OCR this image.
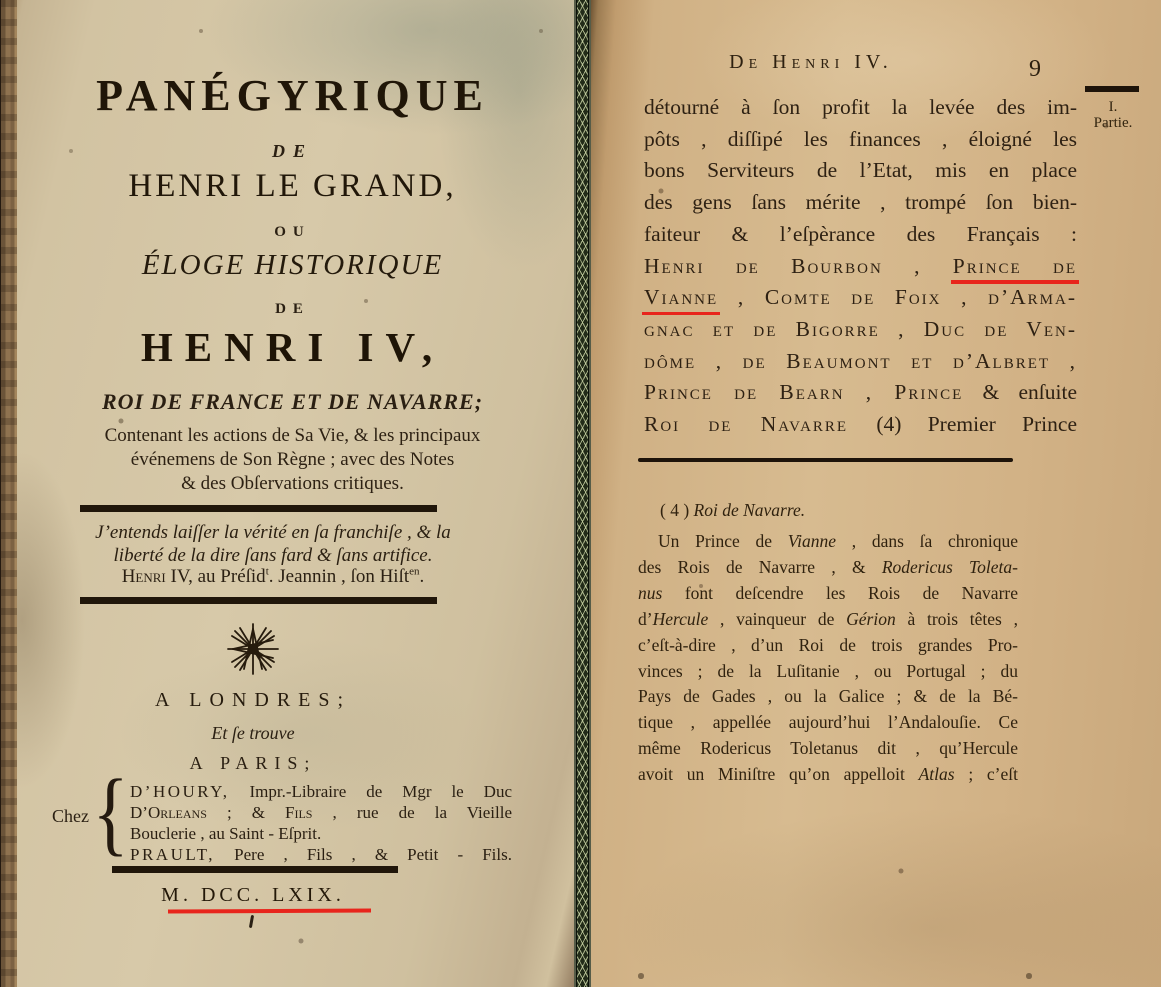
PANÉGYRIQUE
DE
HENRI LE GRAND,
OU
ÉLOGE HISTORIQUE
DE
HENRI IV,
ROI DE FRANCE ET DE NAVARRE;
Contenant les actions de Sa Vie, & les principaux
événemens de Son Règne ; avec des Notes
& des Obſervations critiques.
J’entends laiſſer la vérité en ſa franchiſe , & la
liberté de la dire ſans fard & ſans artifice.
Henri IV, au Préſid$^t$. Jeannin , ſon Hiſt$^{en}$.
A LONDRES;
Et ſe trouve
A PARIS;
M. DCC. LXIX.
Chez { D’HOURY, Impr.-Libraire de Mgr le Duc
D’Orleans ; & Fils , rue de la Vieille
Bouclerie , au Saint - Eſprit.
PRAULT, Pere , Fils , & Petit - Fils.
De Henri IV.	9
I.
Partie.
détourné à ſon profit la levée des im-
pôts , diſſipé les finances , éloigné les
bons Serviteurs de l’Etat, mis en place
des gens ſans mérite , trompé ſon bien-
faiteur & l’eſpèrance des Français :
Henri de Bourbon , Prince de
Vianne , Comte de Foix , d’Arma-
gnac et de Bigorre , Duc de Ven-
dôme , de Beaumont et d’Albret ,
Prince de Bearn , Prince & enſuite
Roi de Navarre (4) Premier Prince
( 4 ) Roi de Navarre.
Un Prince de Vianne , dans ſa chronique
des Rois de Navarre , & Rodericus Toleta-
nus font deſcendre les Rois de Navarre
d’Hercule , vainqueur de Gérion à trois têtes ,
c’eſt-à-dire , d’un Roi de trois grandes Pro-
vinces ; de la Luſitanie , ou Portugal ; du
Pays de Gades , ou la Galice ; & de la Bé-
tique , appellée aujourd’hui l’Andalouſie. Ce
même Rodericus Toletanus dit , qu’Hercule
avoit un Miniſtre qu’on appelloit Atlas ; c’eſt
